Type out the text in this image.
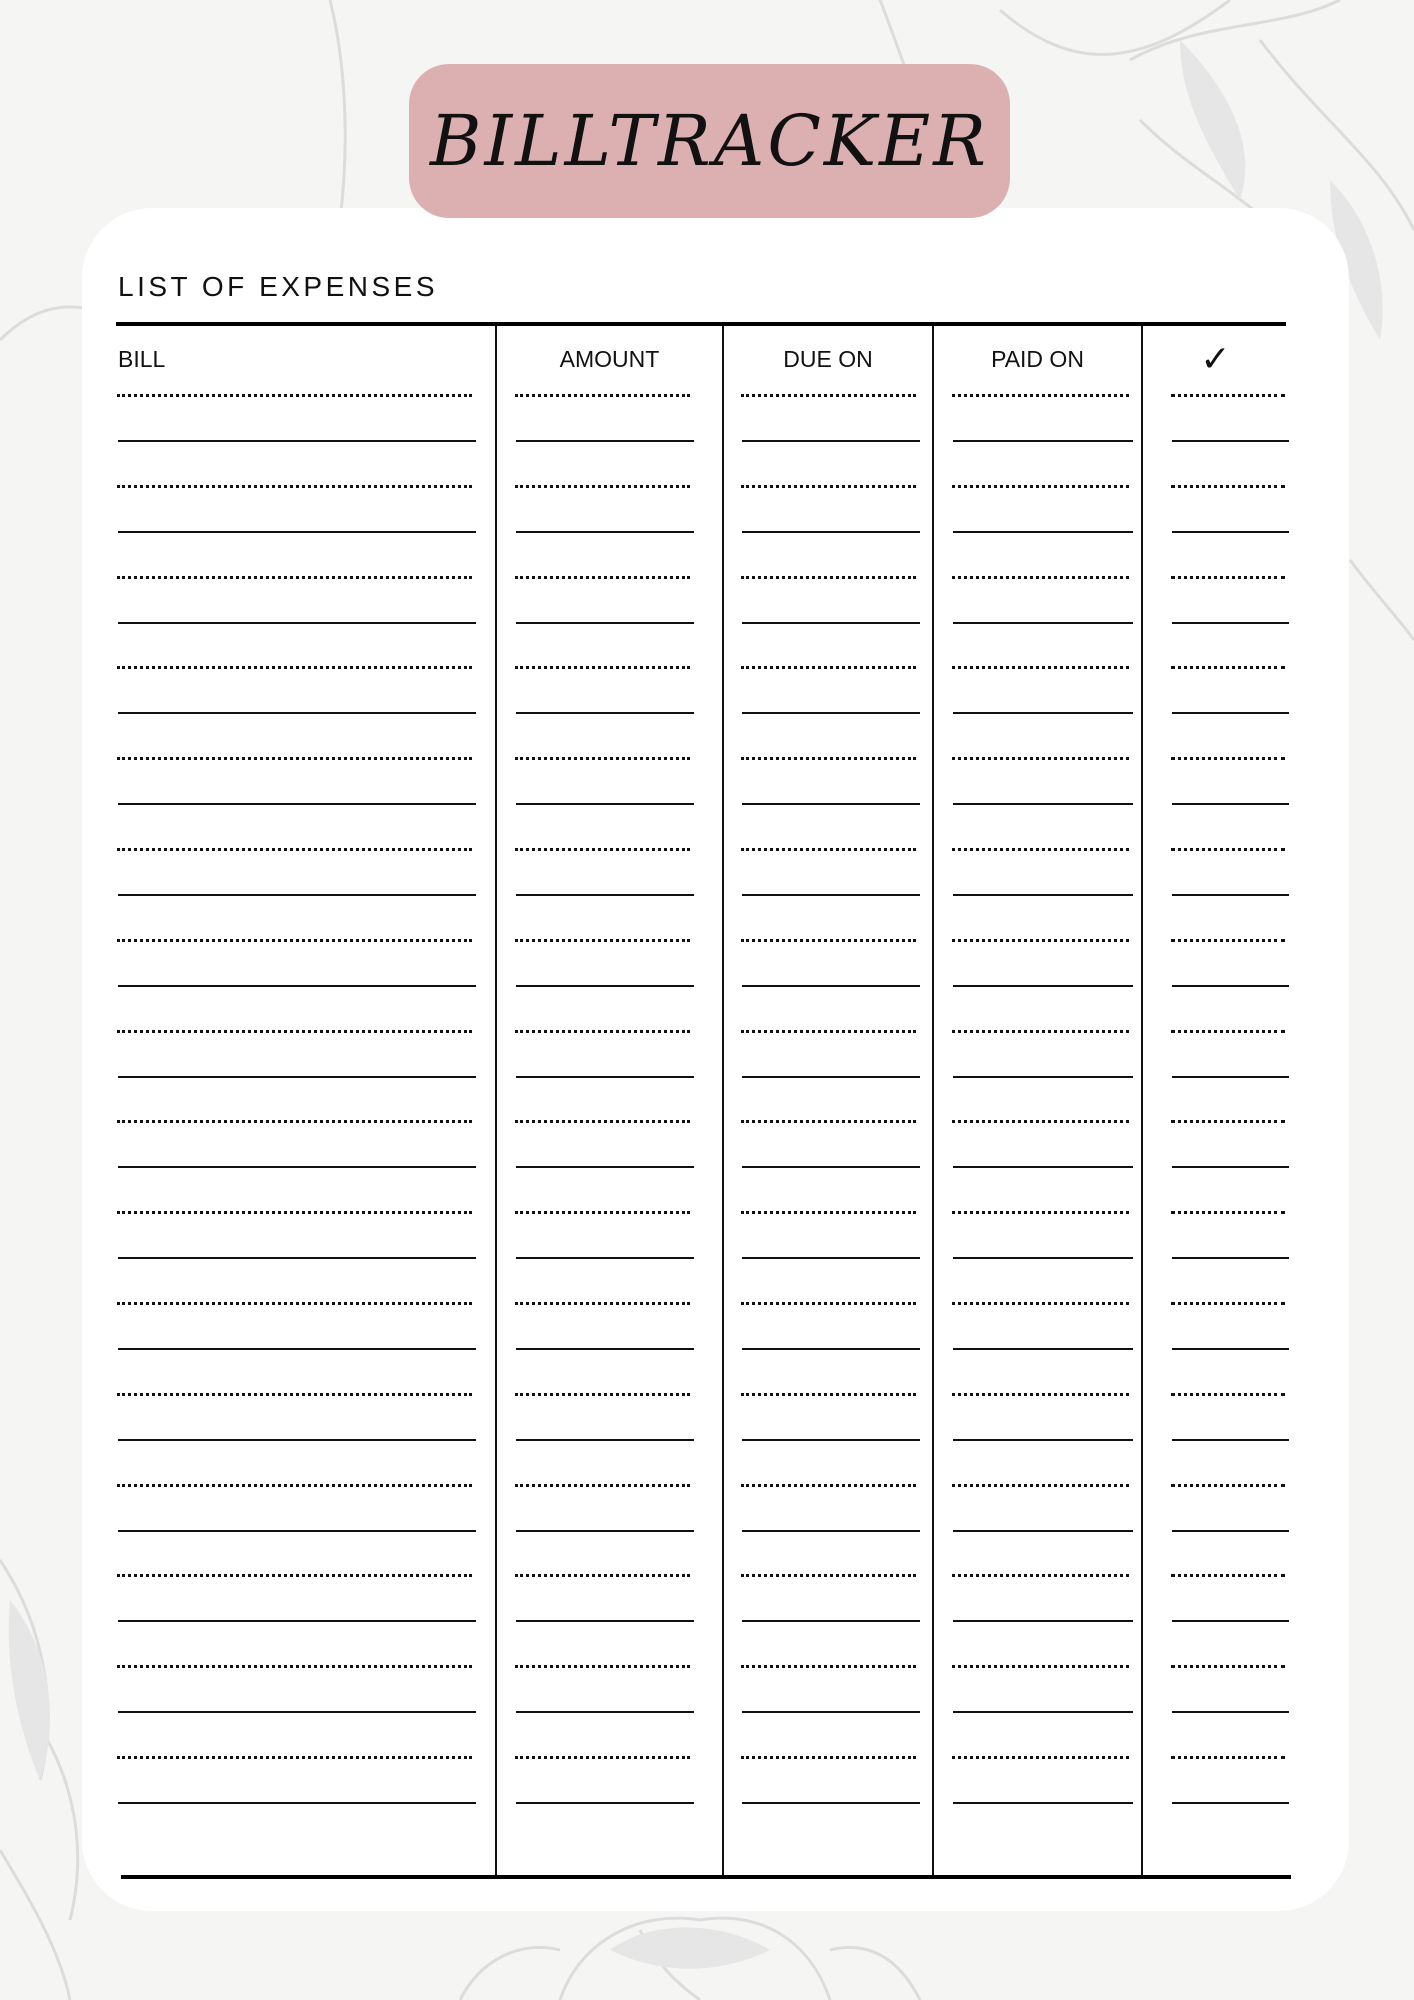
BILLTRACKER
LIST OF EXPENSES
BILL	AMOUNT	DUE ON	PAID ON	✓
